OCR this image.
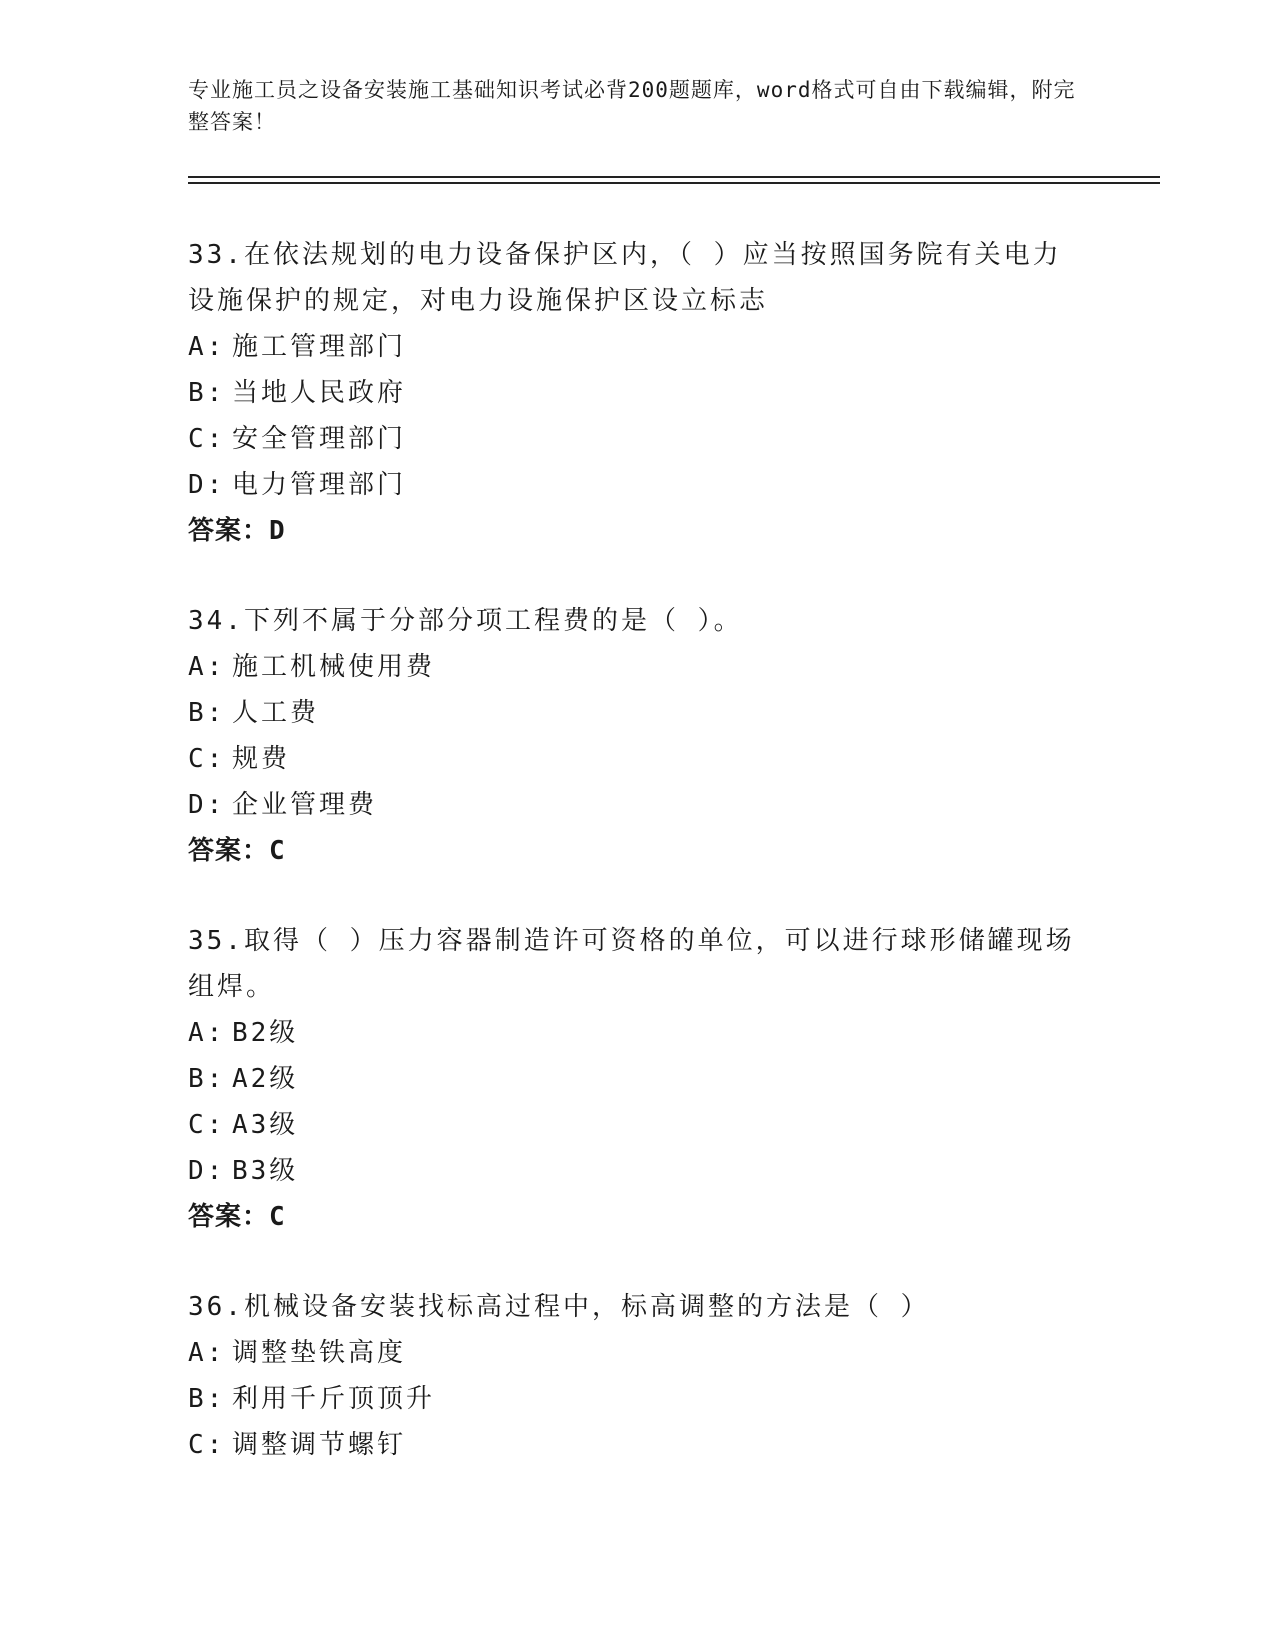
专业施工员之设备安装施工基础知识考试必背200题题库，word格式可自由下载编辑，附完整答案！
33.在依法规划的电力设备保护区内，（ ）应当按照国务院有关电力设施保护的规定，对电力设施保护区设立标志
A: 施工管理部门
B: 当地人民政府
C: 安全管理部门
D: 电力管理部门
答案：D
34.下列不属于分部分项工程费的是（ ）。
A: 施工机械使用费
B: 人工费
C: 规费
D: 企业管理费
答案：C
35.取得（ ）压力容器制造许可资格的单位，可以进行球形储罐现场组焊。
A: B2级
B: A2级
C: A3级
D: B3级
答案：C
36.机械设备安装找标高过程中，标高调整的方法是（ ）
A: 调整垫铁高度
B: 利用千斤顶顶升
C: 调整调节螺钉
